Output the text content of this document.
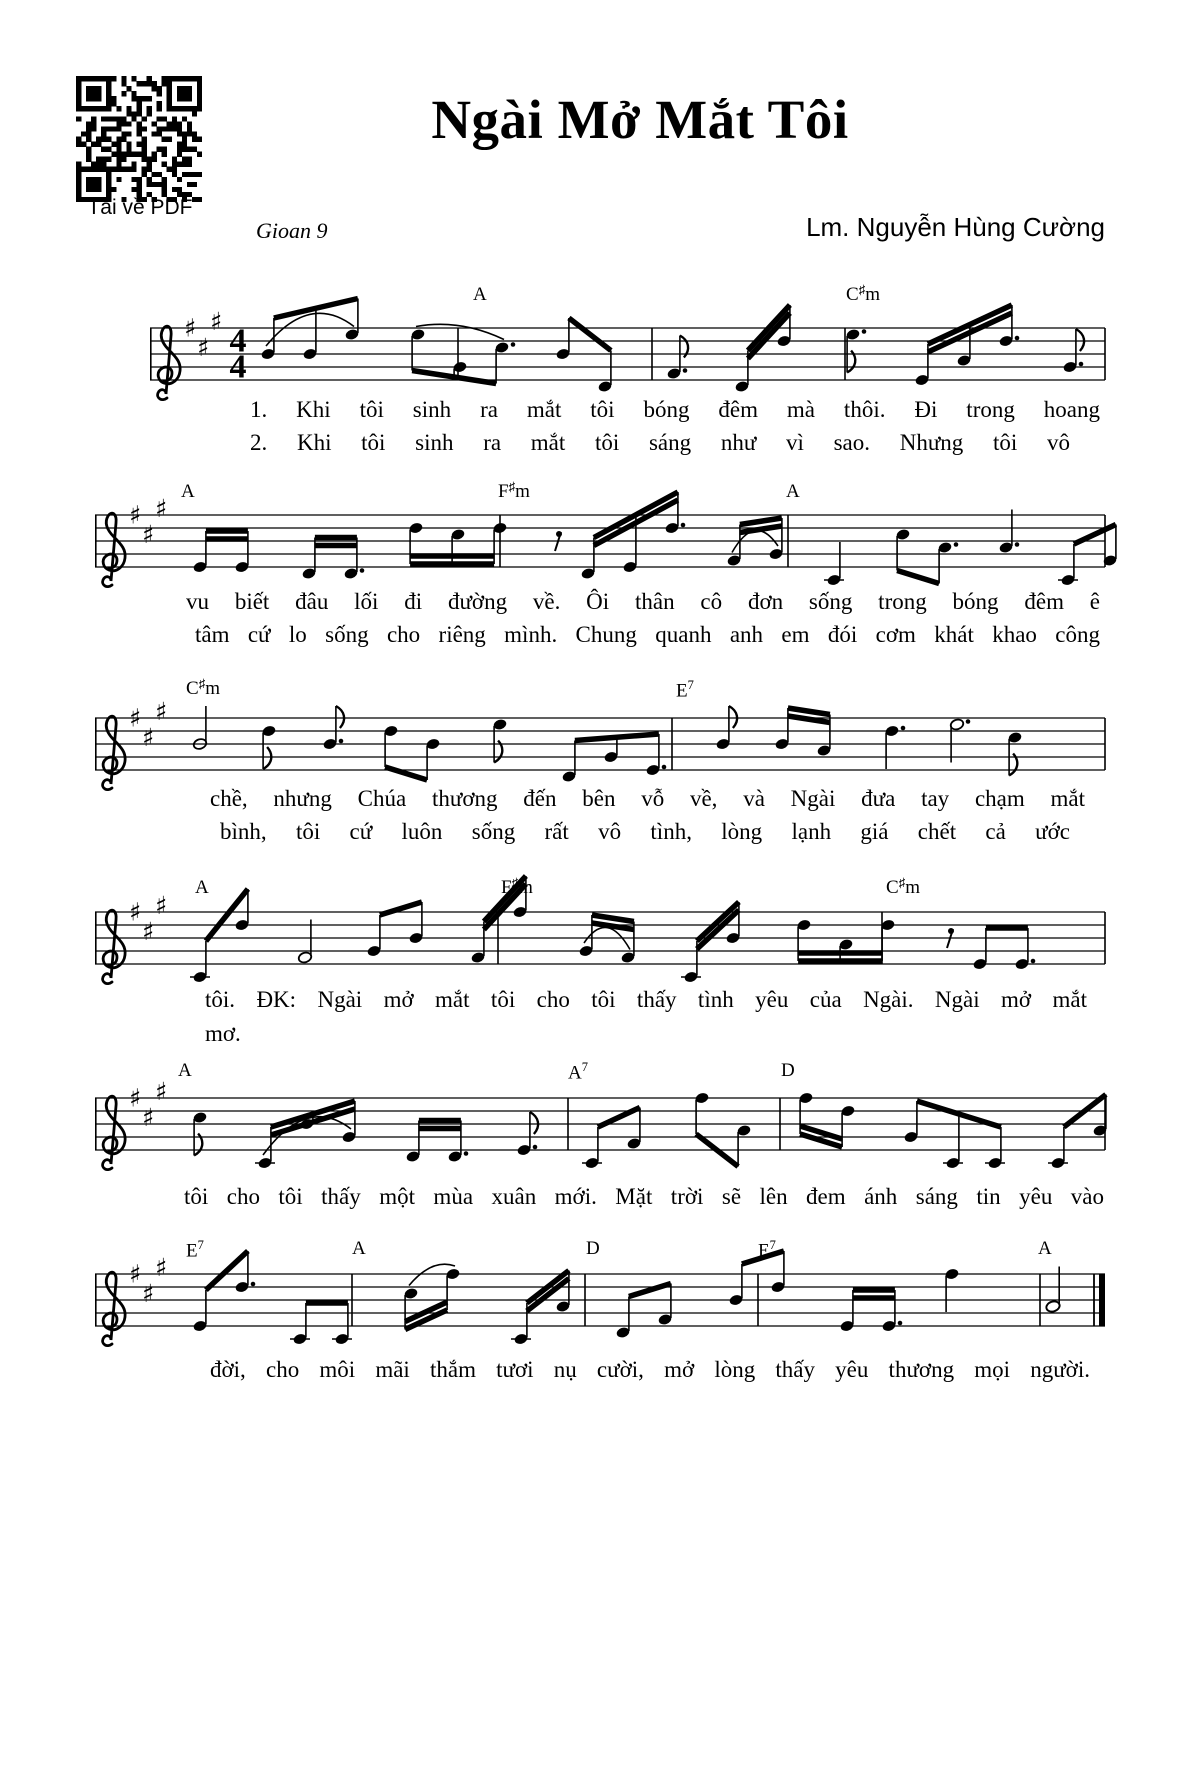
♯
♯
♯
4
4
♯
♯
♯
♯
♯
♯
♯
♯
♯
♯
♯
♯
♯
♯
♯
Tải về PDF
Ngài Mở Mắt Tôi
Gioan 9	Lm. Nguyễn Hùng Cường
A	C♯m
1. Khi tôi sinh ra mắt tôi bóng đêm mà thôi. Đi trong hoang
2. Khi tôi sinh ra mắt tôi sáng như vì sao. Nhưng tôi vô
A	F♯m	A
vu biết đâu lối đi đường về. Ôi thân cô đơn sống trong bóng đêm ê
tâm cứ lo sống cho riêng mình. Chung quanh anh em đói cơm khát khao công
C♯m	$E^7$
chề, nhưng Chúa thương đến bên vỗ về, và Ngài đưa tay chạm mắt
bình, tôi cứ luôn sống rất vô tình, lòng lạnh giá chết cả ước
A	F♯m	C♯m
tôi. ĐK: Ngài mở mắt tôi cho tôi thấy tình yêu của Ngài. Ngài mở mắt
mơ.
A	$A^7$	D
tôi cho tôi thấy một mùa xuân mới. Mặt trời sẽ lên đem ánh sáng tin yêu vào
$E^7$	A	D	$E^7$	A
đời, cho môi mãi thắm tươi nụ cười, mở lòng thấy yêu thương mọi người.
